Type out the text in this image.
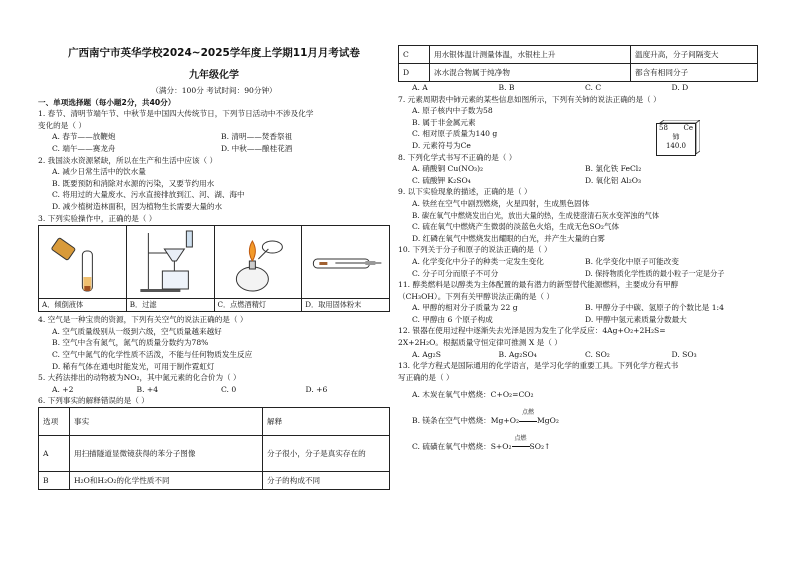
广西南宁市英华学校2024~2025学年度上学期11月月考试卷
九年级化学
（满分：100分 考试时间：90分钟）

一、单项选择题（每小题2分，共40分）

1. 春节、清明节端午节、中秋节是中国四大传统节日，下列节日活动中不涉及化学

变化的是（ ）

A. 春节——放鞭炮	B. 清明——焚香祭祖
C. 端午——赛龙舟	D. 中秋——酿桂花酒

2. 我国淡水资源紧缺，所以在生产和生活中应该（ ）

A. 减少日常生活中的饮水量

B. 既要预防和消除对水源的污染，又要节约用水

C. 将用过的大量废水、污水直接排放到江、河、湖、海中

D. 减少植树造林面积，因为植物生长需要大量的水

3. 下列实验操作中，正确的是（ ）

A．倾倒液体	B．过滤	C．点燃酒精灯	D．取用固体粉末

4. 空气是一种宝贵的资源，下列有关空气的说法正确的是（ ）

A. 空气质量级别从一级到六级，空气质量越来越好

B. 空气中含有氮气，氮气的质量分数约为78%

C. 空气中氮气的化学性质不活泼，不能与任何物质发生反应

D. 稀有气体在通电时能发光，可用于制作霓虹灯

5. 大药法排出的动物被为NO₂，其中氮元素的化合价为（ ）

A. +2	B. +4	C. 0	D. +6

6. 下列事实的解释错误的是（ ）

选项	事实	解释
A	用扫描隧道显微镜获得的苯分子图像	分子很小，分子是真实存在的
B	H₂O和H₂O₂的化学性质不同	分子的构成不同
C	用水银体温计测量体温，水银柱上升	温度升高，分子间隔变大
D	冰水混合物属于纯净物	都含有相同分子
A. A	B. B	C. C	D. D

7. 元素周期表中铈元素的某些信息如图所示，下列有关铈的说法正确的是（ ）

A. 原子核内中子数为58

B. 属于非金属元素

C. 相对原子质量为140 g

D. 元素符号为Ce

58 Ce
铈
140.0

8. 下列化学式书写不正确的是（ ）

A. 硝酸铜 Cu(NO₃)₂	B. 氯化铁 FeCl₂
C. 硫酸钾 K₂SO₄	D. 氧化铝 Al₂O₃

9. 以下实验现象的描述，正确的是（ ）

A. 铁丝在空气中剧烈燃烧，火星四射，生成黑色固体

B. 碳在氧气中燃烧发出白光，放出大量的热，生成使澄清石灰水变浑浊的气体

C. 硫在氧气中燃烧产生微弱的淡蓝色火焰，生成无色SO₂气体

D. 红磷在氧气中燃烧发出耀眼的白光，并产生大量的白雾

10. 下列关于分子和原子的说法正确的是（ ）

A. 化学变化中分子的种类一定发生变化	B. 化学变化中原子可能改变
C. 分子可分而原子不可分	D. 保持物质化学性质的最小粒子一定是分子

11. 醇类燃料是以醇类为主体配置的最有潜力的新型替代能源燃料，主要成分有甲醇

（CH₃OH）。下列有关甲醇说法正确的是（ ）

A. 甲醇的相对分子质量为 22 g	B. 甲醇分子中碳、氢原子的个数比是 1:4
C. 甲醇由 6 个原子构成	D. 甲醇中氢元素质量分数最大

12. 银器在使用过程中逐渐失去光泽是因为发生了化学反应：4Ag+O₂+2H₂S=

2X+2H₂O。根据质量守恒定律可推测 X 是（ ）

A. Ag₂S	B. Ag₂SO₄	C. SO₂	D. SO₃

13. 化学方程式是国际通用的化学语言，是学习化学的重要工具。下列化学方程式书

写正确的是（ ）

A. 木炭在氧气中燃烧：C+O₂=CO₂

B. 镁条在空气中燃烧：Mg+O₂
点燃
MgO₂

C. 硫磺在氧气中燃烧：S+O₂
点燃
SO₂↑
